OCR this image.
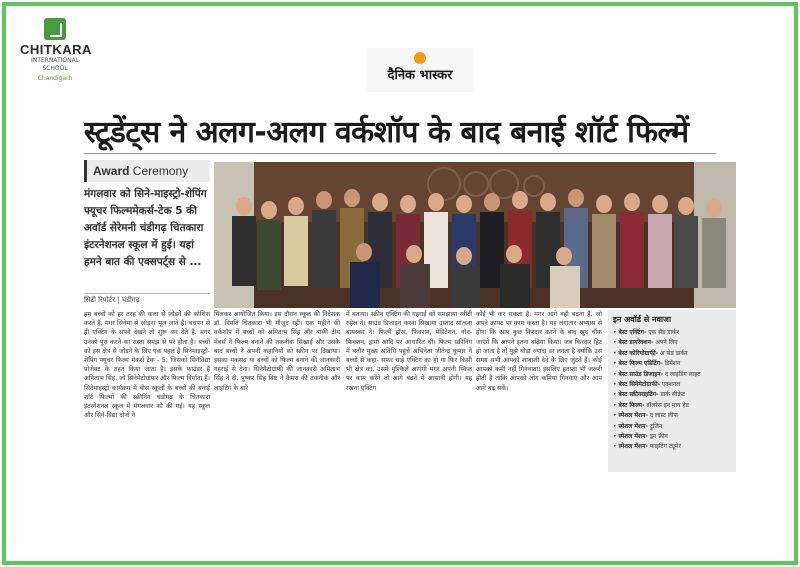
CHITKARA
INTERNATIONAL
SCHOOL
Chandigarh	दैनिक भास्कर
स्टूडेंट्स ने अलग-अलग वर्कशॉप के बाद बनाई शॉर्ट फिल्में
Award Ceremony
मंगलवार को सिने-माइस्ट्रो-शेपिंग फ्यूचर फिल्ममेकर्स-टेक 5 की अवॉर्ड सेरेमनी चंडीगढ़ चितकारा इंटरनेशनल स्कूल में हुई। यहां हमने बात की एक्सपर्ट्स से ...
सिटी रिपोर्टर | चंडीगढ़
हम बच्चों को हर तरह की कला से जोड़ने की कोशिश करते हैं, मगर सिनेमा से जोड़ना भूल जाते हैं। बचपन से ही एक्टिंग के सपने देखने तो शुरू कर देते हैं, मगर उनको पूरा करने का रास्ता समझ से परे होता है। बच्चों को इस क्षेत्र से जोड़ने के लिए एक पहल है सिनेमाइस्ट्रो- शेपिंग फ्यूचर फिल्म मेकर्स टेक - 5, जिसको सिनेविद्या प्रोजेक्ट के तहत किया जाता है। इसके फाउंडर हैं अमिताभ सिंह, जो सिनेमेटोग्राफर और फिल्म निर्माता हैं। सिनेमाइस्ट्रो कार्यक्रम में बीस स्कूलों के बच्चों की बनाई शॉर्ट फिल्मों की स्क्रीनिंग चंडीगढ़ के चितकारा इंटरनेशनल स्कूल में मंगलवार को की गई। यह स्कूल और सिने-विद्या दोनों ने
मिलकर आयोजित किया। इस दौरान स्कूल की निदेशक डॉ. नियति चितकारा भी मौजूद रहीं। एक महीने की वर्कशॉप में बच्चों को अमिताभ सिंह और बाकी टीम मेंबर्स ने फिल्म बनाने की तकनीक सिखाई और उसके बाद बच्चों ने अपनी कहानियों को स्क्रीन पर दिखाया। इसका मकसद था बच्चों को फिल्म बनाने की जानकारी गहराई से देना। सिनेमैटोग्राफी की जानकारी अमिताभ सिंह ने दी, पुष्कर सिंह बिष्ट ने कैमरा की तकनीक और लाइटिंग के बारे
में बताया। स्क्रीन एक्टिंग की गहराई को समझाया स्वीटी रुहेल ने। साउंड डिजाइन करना सिखाया उस्ताद सांत्वना बायस्कर ने। फिल्में हॉरर, फिक्शन, मेडिटेशन, नॉन-फिक्शन, ड्रामा आदि पर आधारित थीं। फिल्म स्क्रीनिंग में बतौर मुख्य अतिथि पहुंचे अभिनेता जीतेन्द्र कुमार ने बच्चों से कहा- सफर चाहे एक्टिंग का हो या फिर किसी भी क्षेत्र का, उसमें मुश्किलें आएंगी मगर अपनी स्किल पर काम करेंगे तो आगे बढ़ने में आसानी होगी। यह रखना एक्टिंग
कोई भी कर सकता है, मगर आगे वही बढ़ता है, जो अपने क्राफ्ट पर काम करता है। यह लगातार अभ्यास से होगा कि आप कुछ किरदार करने के बाद खुद चौंक जाएंगे कि आपने इतना बढ़िया किया। जब किरदार हिट हो जाता है तो मुझे थोड़ा ज्यादा डर लगता है क्योंकि उस समय सभी आपको शाबाशी देने के लिए जुटते हैं। कोई आपको कमी नहीं गिनवाता। इसलिए हताशा भी जरूरी होती है ताकि आपको लोग कमियां गिनवाएं और आप आगे बढ़ सकें।
इन अवॉर्ड से नवाजा
• बेस्ट एक्टिंग- एक सेड डार्कर
• बेस्ट डायरेक्शन- अपने लिए
• बेस्ट कोरियोग्राफी- अ सेड डार्कर
• बेस्ट फिल्म एडिटिंग- डिमेंशन
• बेस्ट साउंड डिजाइन- द लाइडिंग लाइट
• बेस्ट सिनेमेटोग्राफी- एक्शनल
• बेस्ट स्क्रीनराइटिंग- डार्क सीक्रेट
• बेस्ट फिल्म- वॉलरेस इन माय हेड
• स्पेशल मेंशन- द लास्ट लीफ
• स्पेशल मेंशन- ट्रूजिन
• स्पेशल मेंशन- ड्रग फ्रीन
• स्पेशल मेंशन- फाइटिंग ट्यूमेर
